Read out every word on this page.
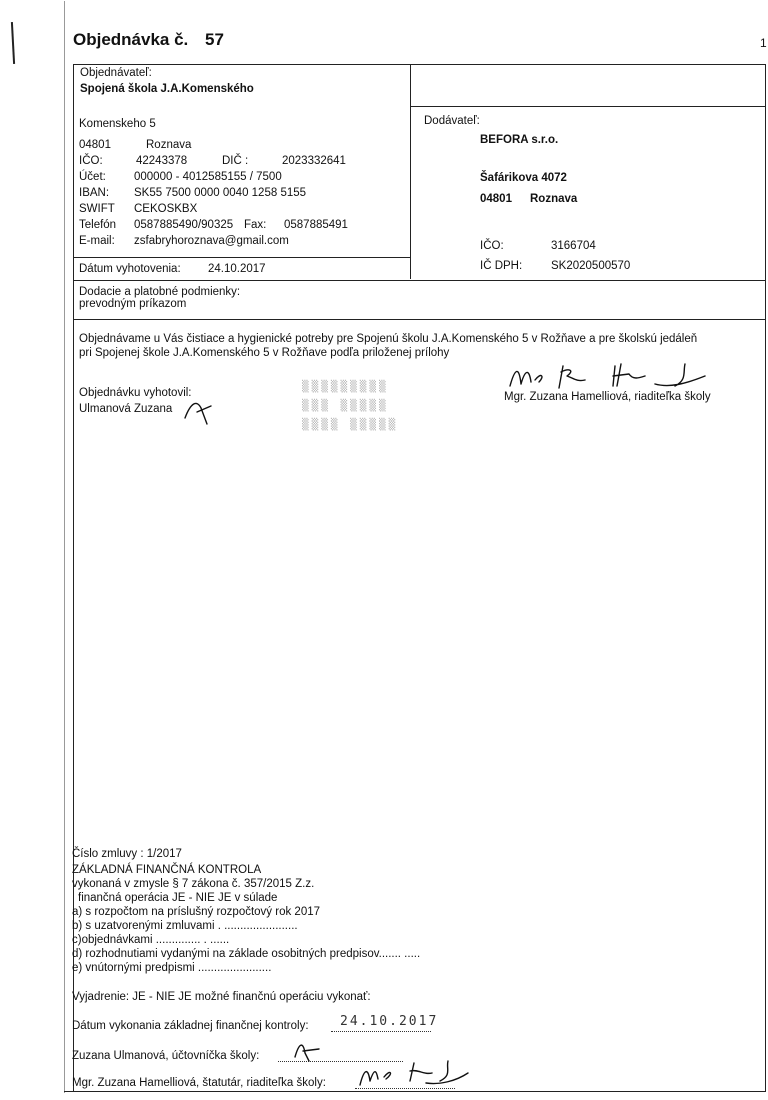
Objednávka č. 57	1
Objednávateľ:
Spojená škola J.A.Komenského
Komenskeho 5
04801	Roznava
IČO:	42243378	DIČ :	2023332641
Účet: 000000 - 4012585155 / 7500
IBAN: SK55 7500 0000 0040 1258 5155
SWIFT CEKOSKBX
Telefón 0587885490/90325 Fax: 0587885491
E-mail: zsfabryhoroznava@gmail.com
Dátum vyhotovenia: 24.10.2017
Dodávateľ:
BEFORA s.r.o.
Šafárikova 4072
04801 Roznava
IČO:	3166704
IČ DPH:	SK2020500570
Dodacie a platobné podmienky:
prevodným príkazom
Objednávame u Vás čistiace a hygienické potreby pre Spojenú školu J.A.Komenského 5 v Rožňave a pre školskú jedáleň
pri Spojenej škole J.A.Komenského 5 v Rožňave podľa priloženej prílohy
Objednávku vyhotovil:
Ulmanová Zuzana
Mgr. Zuzana Hamelliová, riaditeľka školy
▒▒▒▒▒▒▒▒▒
▒▒▒ ▒▒▒▒▒
▒▒▒▒ ▒▒▒▒▒
Číslo zmluvy : 1/2017
ZÁKLADNÁ FINANČNÁ KONTROLA
vykonaná v zmysle § 7 zákona č. 357/2015 Z.z.
finančná operácia JE - NIE JE v súlade
a) s rozpočtom na príslušný rozpočtový rok 2017
b) s uzatvorenými zmluvami . .......................
c)objednávkami .............. . ......
d) rozhodnutiami vydanými na základe osobitných predpisov....... .....
e) vnútornými predpismi .......................
Vyjadrenie: JE - NIE JE možné finančnú operáciu vykonať:
Dátum vykonania základnej finančnej kontroly: 24.10.2017
Zuzana Ulmanová, účtovníčka školy:
Mgr. Zuzana Hamelliová, štatutár, riaditeľka školy:
